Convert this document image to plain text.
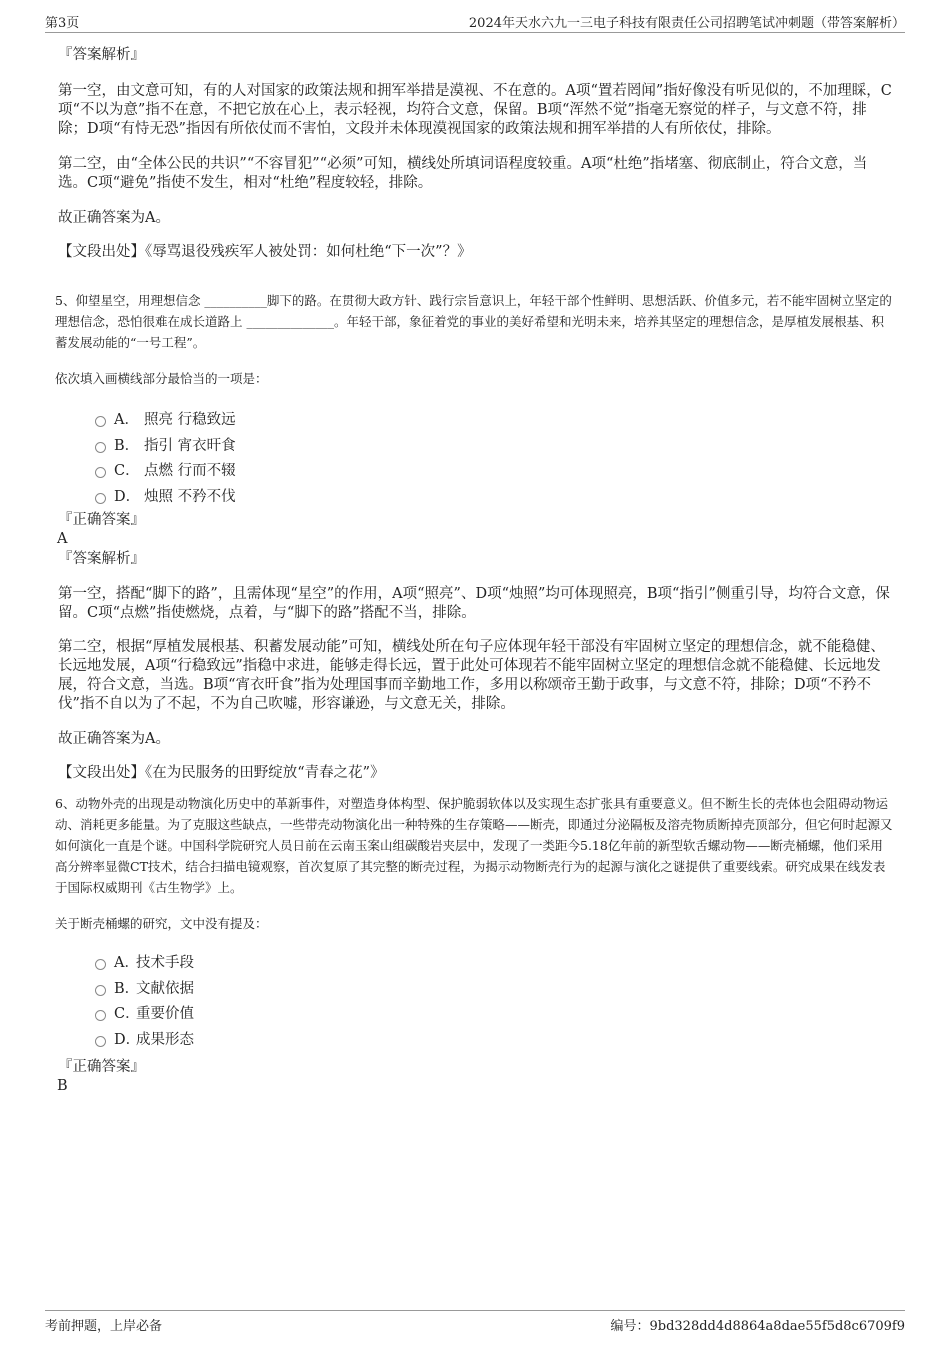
第3页	2024年天水六九一三电子科技有限责任公司招聘笔试冲刺题（带答案解析）

『答案解析』

第一空，由文意可知，有的人对国家的政策法规和拥军举措是漠视、不在意的。A项“置若罔闻”指好像没有听见似的，不加理睬，C项“不以为意”指不在意，不把它放在心上，表示轻视，均符合文意，保留。B项“浑然不觉”指毫无察觉的样子，与文意不符，排除；D项“有恃无恐”指因有所依仗而不害怕，文段并未体现漠视国家的政策法规和拥军举措的人有所依仗，排除。

第二空，由“全体公民的共识”“不容冒犯”“必须”可知，横线处所填词语程度较重。A项“杜绝”指堵塞、彻底制止，符合文意，当选。C项“避免”指使不发生，相对“杜绝”程度较轻，排除。

故正确答案为A。

【文段出处】《辱骂退役残疾军人被处罚：如何杜绝“下一次”？》

5、仰望星空，用理想信念 __________脚下的路。在贯彻大政方针、践行宗旨意识上，年轻干部个性鲜明、思想活跃、价值多元，若不能牢固树立坚定的理想信念，恐怕很难在成长道路上 ______________。年轻干部，象征着党的事业的美好希望和光明未来，培养其坚定的理想信念，是厚植发展根基、积蓄发展动能的“一号工程”。

依次填入画横线部分最恰当的一项是：

A． 照亮 行稳致远
B． 指引 宵衣旰食
C． 点燃 行而不辍
D． 烛照 不矜不伐

『正确答案』

A

『答案解析』

第一空，搭配“脚下的路”，且需体现“星空”的作用，A项“照亮”、D项“烛照”均可体现照亮，B项“指引”侧重引导，均符合文意，保留。C项“点燃”指使燃烧，点着，与“脚下的路”搭配不当，排除。

第二空，根据“厚植发展根基、积蓄发展动能”可知，横线处所在句子应体现年轻干部没有牢固树立坚定的理想信念，就不能稳健、长远地发展，A项“行稳致远”指稳中求进，能够走得长远，置于此处可体现若不能牢固树立坚定的理想信念就不能稳健、长远地发展，符合文意，当选。B项“宵衣旰食”指为处理国事而辛勤地工作，多用以称颂帝王勤于政事，与文意不符，排除；D项“不矜不伐”指不自以为了不起，不为自己吹嘘，形容谦逊，与文意无关，排除。

故正确答案为A。

【文段出处】《在为民服务的田野绽放“青春之花”》

6、动物外壳的出现是动物演化历史中的革新事件，对塑造身体构型、保护脆弱软体以及实现生态扩张具有重要意义。但不断生长的壳体也会阻碍动物运动、消耗更多能量。为了克服这些缺点，一些带壳动物演化出一种特殊的生存策略——断壳，即通过分泌隔板及溶壳物质断掉壳顶部分，但它何时起源又如何演化一直是个谜。中国科学院研究人员日前在云南玉案山组碳酸岩夹层中，发现了一类距今5.18亿年前的新型软舌螺动物——断壳桶螺，他们采用高分辨率显微CT技术，结合扫描电镜观察，首次复原了其完整的断壳过程，为揭示动物断壳行为的起源与演化之谜提供了重要线索。研究成果在线发表于国际权威期刊《古生物学》上。

关于断壳桶螺的研究，文中没有提及：

A．
技术手段
B．
文献依据
C．
重要价值
D．
成果形态

『正确答案』

B

考前押题，上岸必备	编号：9bd328dd4d8864a8dae55f5d8c6709f9
